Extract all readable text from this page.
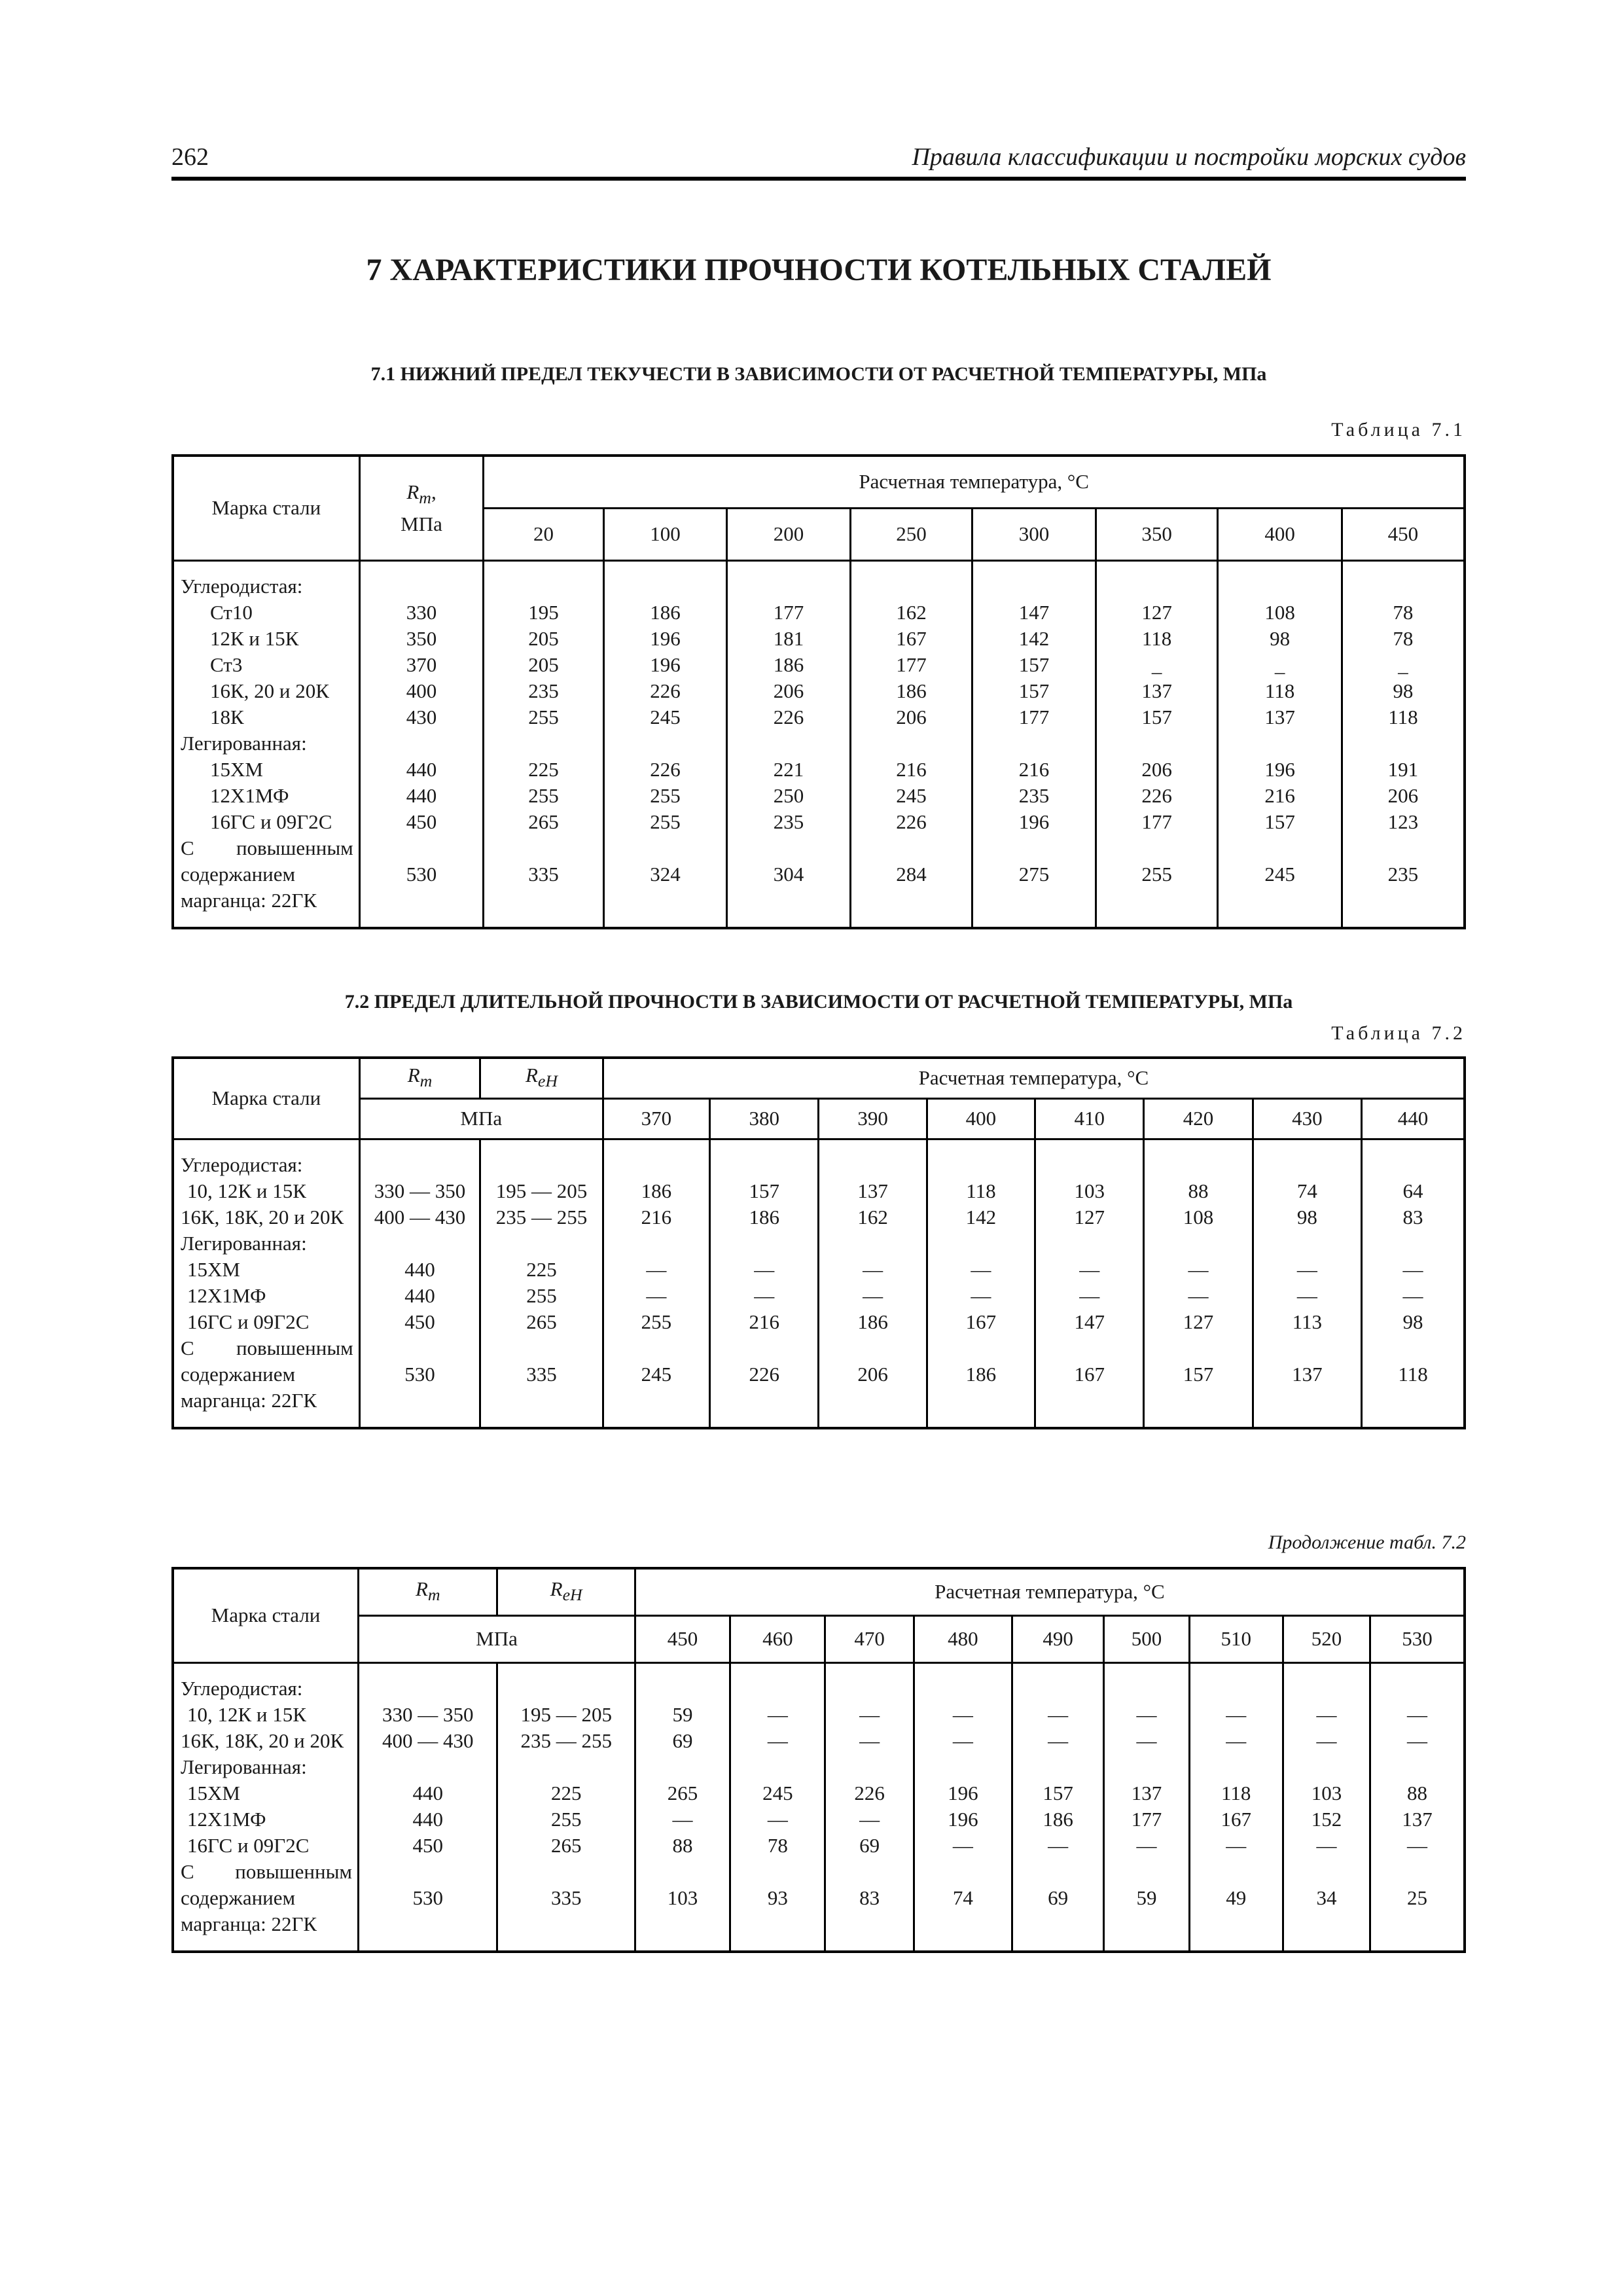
262	Правила классификации и постройки морских судов
7 ХАРАКТЕРИСТИКИ ПРОЧНОСТИ КОТЕЛЬНЫХ СТАЛЕЙ
7.1 НИЖНИЙ ПРЕДЕЛ ТЕКУЧЕСТИ В ЗАВИСИМОСТИ ОТ РАСЧЕТНОЙ ТЕМПЕРАТУРЫ, МПа
Таблица 7.1
Марка стали	$R_m$,
МПа	Расчетная температура, °С							
		20	100	200	250	300	350	400	450
Углеродистая:									
Ст10	330	195	186	177	162	147	127	108	78
12К и 15К	350	205	196	181	167	142	118	98	78
Ст3	370	205	196	186	177	157	_	_	_
16К, 20 и 20К	400	235	226	206	186	157	137	118	98
18К	430	255	245	226	206	177	157	137	118
Легированная:									
15ХМ	440	225	226	221	216	216	206	196	191
12Х1МФ	440	255	255	250	245	235	226	216	206
16ГС и 09Г2С	450	265	255	235	226	196	177	157	123
С повышенным									
содержанием	530	335	324	304	284	275	255	245	235
марганца: 22ГК									
7.2 ПРЕДЕЛ ДЛИТЕЛЬНОЙ ПРОЧНОСТИ В ЗАВИСИМОСТИ ОТ РАСЧЕТНОЙ ТЕМПЕРАТУРЫ, МПа
Таблица 7.2
Марка стали	$R_m$	$R_{eH}$	Расчетная температура, °С							
	МПа		370	380	390	400	410	420	430	440
Углеродистая:										
10, 12К и 15К	330 — 350	195 — 205	186	157	137	118	103	88	74	64
16К, 18К, 20 и 20К	400 — 430	235 — 255	216	186	162	142	127	108	98	83
Легированная:										
15ХМ	440	225	—	—	—	—	—	—	—	—
12Х1МФ	440	255	—	—	—	—	—	—	—	—
16ГС и 09Г2С	450	265	255	216	186	167	147	127	113	98
С повышенным										
содержанием	530	335	245	226	206	186	167	157	137	118
марганца: 22ГК										
Продолжение табл. 7.2
Марка стали	$R_m$	$R_{eH}$	Расчетная температура, °С								
	МПа		450	460	470	480	490	500	510	520	530
Углеродистая:											
10, 12К и 15К	330 — 350	195 — 205	59	—	—	—	—	—	—	—	—
16К, 18К, 20 и 20К	400 — 430	235 — 255	69	—	—	—	—	—	—	—	—
Легированная:											
15ХМ	440	225	265	245	226	196	157	137	118	103	88
12Х1МФ	440	255	—	—	—	196	186	177	167	152	137
16ГС и 09Г2С	450	265	88	78	69	—	—	—	—	—	—
С повышенным											
содержанием	530	335	103	93	83	74	69	59	49	34	25
марганца: 22ГК											
